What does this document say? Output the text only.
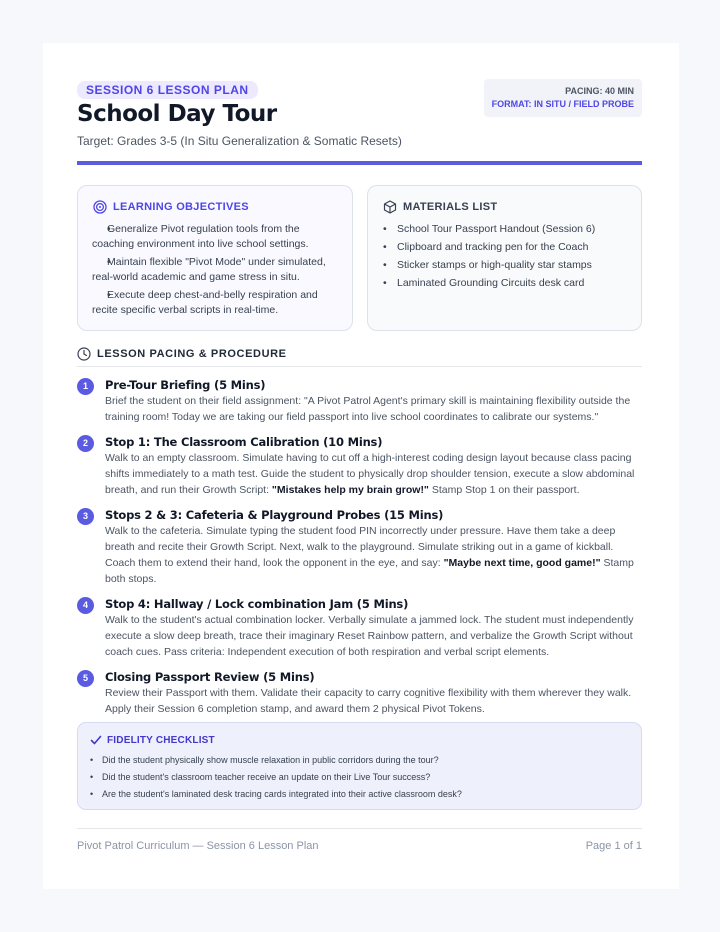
SESSION 6 LESSON PLAN
School Day Tour
Target: Grades 3-5 (In Situ Generalization & Somatic Resets)
PACING: 40 MIN
FORMAT: IN SITU / FIELD PROBE
LEARNING OBJECTIVES
• Generalize Pivot regulation tools from the coaching environment into live school settings.
• Maintain flexible "Pivot Mode" under simulated, real-world academic and game stress in situ.
• Execute deep chest-and-belly respiration and recite specific verbal scripts in real-time.
MATERIALS LIST
• School Tour Passport Handout (Session 6)
• Clipboard and tracking pen for the Coach
• Sticker stamps or high-quality star stamps
• Laminated Grounding Circuits desk card
LESSON PACING & PROCEDURE
1	Pre-Tour Briefing (5 Mins)

Brief the student on their field assignment: "A Pivot Patrol Agent's primary skill is maintaining flexibility outside the training room! Today we are taking our field passport into live school coordinates to calibrate our systems."

2	Stop 1: The Classroom Calibration (10 Mins)

Walk to an empty classroom. Simulate having to cut off a high-interest coding design layout because class pacing shifts immediately to a math test. Guide the student to physically drop shoulder tension, execute a slow abdominal breath, and run their Growth Script: "Mistakes help my brain grow!" Stamp Stop 1 on their passport.

3	Stops 2 & 3: Cafeteria & Playground Probes (15 Mins)

Walk to the cafeteria. Simulate typing the student food PIN incorrectly under pressure. Have them take a deep breath and recite their Growth Script. Next, walk to the playground. Simulate striking out in a game of kickball. Coach them to extend their hand, look the opponent in the eye, and say: "Maybe next time, good game!" Stamp both stops.

4	Stop 4: Hallway / Lock combination Jam (5 Mins)

Walk to the student's actual combination locker. Verbally simulate a jammed lock. The student must independently execute a slow deep breath, trace their imaginary Reset Rainbow pattern, and verbalize the Growth Script without coach cues. Pass criteria: Independent execution of both respiration and verbal script elements.

5	Closing Passport Review (5 Mins)

Review their Passport with them. Validate their capacity to carry cognitive flexibility with them wherever they walk. Apply their Session 6 completion stamp, and award them 2 physical Pivot Tokens.

FIDELITY CHECKLIST
• Did the student physically show muscle relaxation in public corridors during the tour?
• Did the student's classroom teacher receive an update on their Live Tour success?
• Are the student's laminated desk tracing cards integrated into their active classroom desk?
Pivot Patrol Curriculum — Session 6 Lesson Plan	Page 1 of 1
